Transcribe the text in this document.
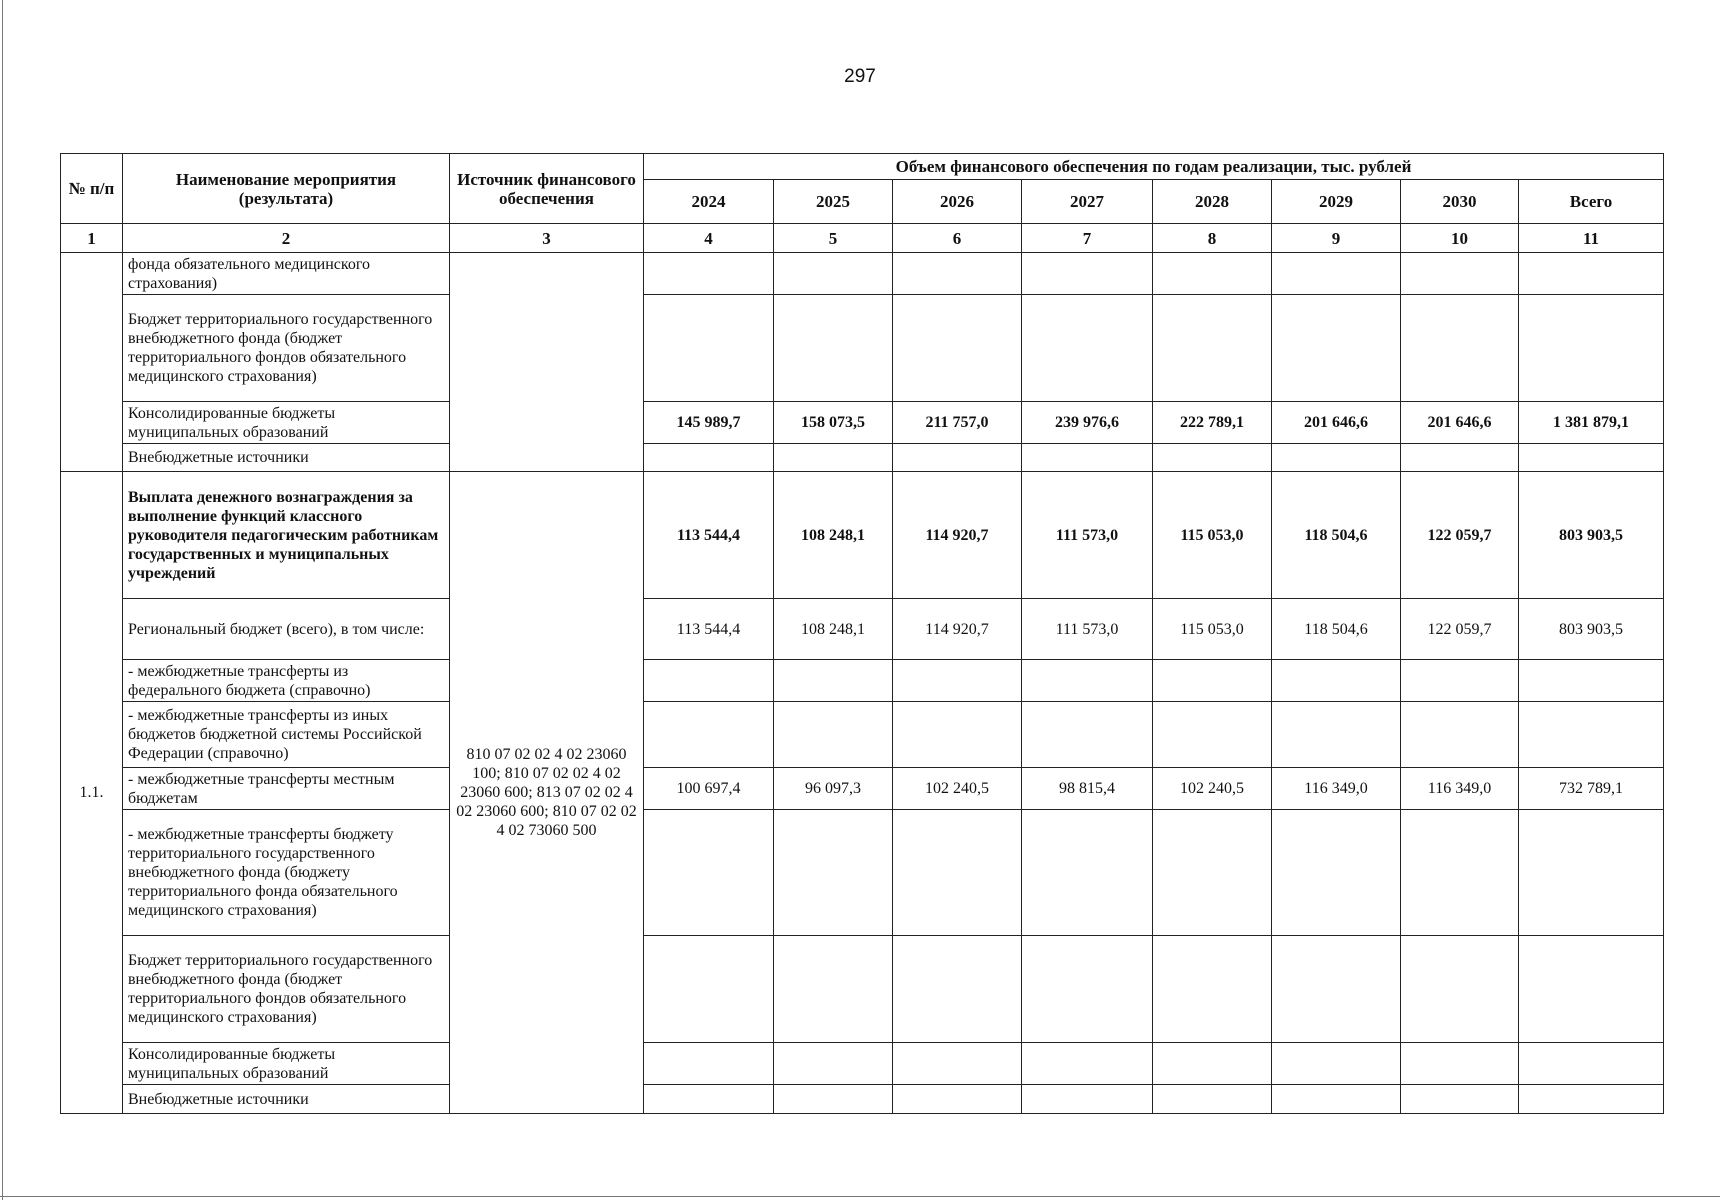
297
№ п/п	Наименование мероприятия (результата)	Источник финансового обеспечения	Объем финансового обеспечения по годам реализации, тыс. рублей							
			2024	2025	2026	2027	2028	2029	2030	Всего
1	2	3	4	5	6	7	8	9	10	11
	фонда обязательного медицинского страхования)									
	Бюджет территориального государственного внебюджетного фонда (бюджет территориального фондов обязательного медицинского страхования)									
	Консолидированные бюджеты муниципальных образований		145 989,7	158 073,5	211 757,0	239 976,6	222 789,1	201 646,6	201 646,6	1 381 879,1
	Внебюджетные источники									
1.1.	Выплата денежного вознаграждения за выполнение функций классного руководителя педагогическим работникам государственных и муниципальных учреждений	810 07 02 02 4 02 23060 100; 810 07 02 02 4 02 23060 600; 813 07 02 02 4 02 23060 600; 810 07 02 02 4 02 73060 500	113 544,4	108 248,1	114 920,7	111 573,0	115 053,0	118 504,6	122 059,7	803 903,5
	Региональный бюджет (всего), в том числе:		113 544,4	108 248,1	114 920,7	111 573,0	115 053,0	118 504,6	122 059,7	803 903,5
	- межбюджетные трансферты из федерального бюджета (справочно)									
	- межбюджетные трансферты из иных бюджетов бюджетной системы Российской Федерации (справочно)									
	- межбюджетные трансферты местным бюджетам		100 697,4	96 097,3	102 240,5	98 815,4	102 240,5	116 349,0	116 349,0	732 789,1
	- межбюджетные трансферты бюджету территориального государственного внебюджетного фонда (бюджету территориального фонда обязательного медицинского страхования)									
	Бюджет территориального государственного внебюджетного фонда (бюджет территориального фондов обязательного медицинского страхования)									
	Консолидированные бюджеты муниципальных образований									
	Внебюджетные источники									
